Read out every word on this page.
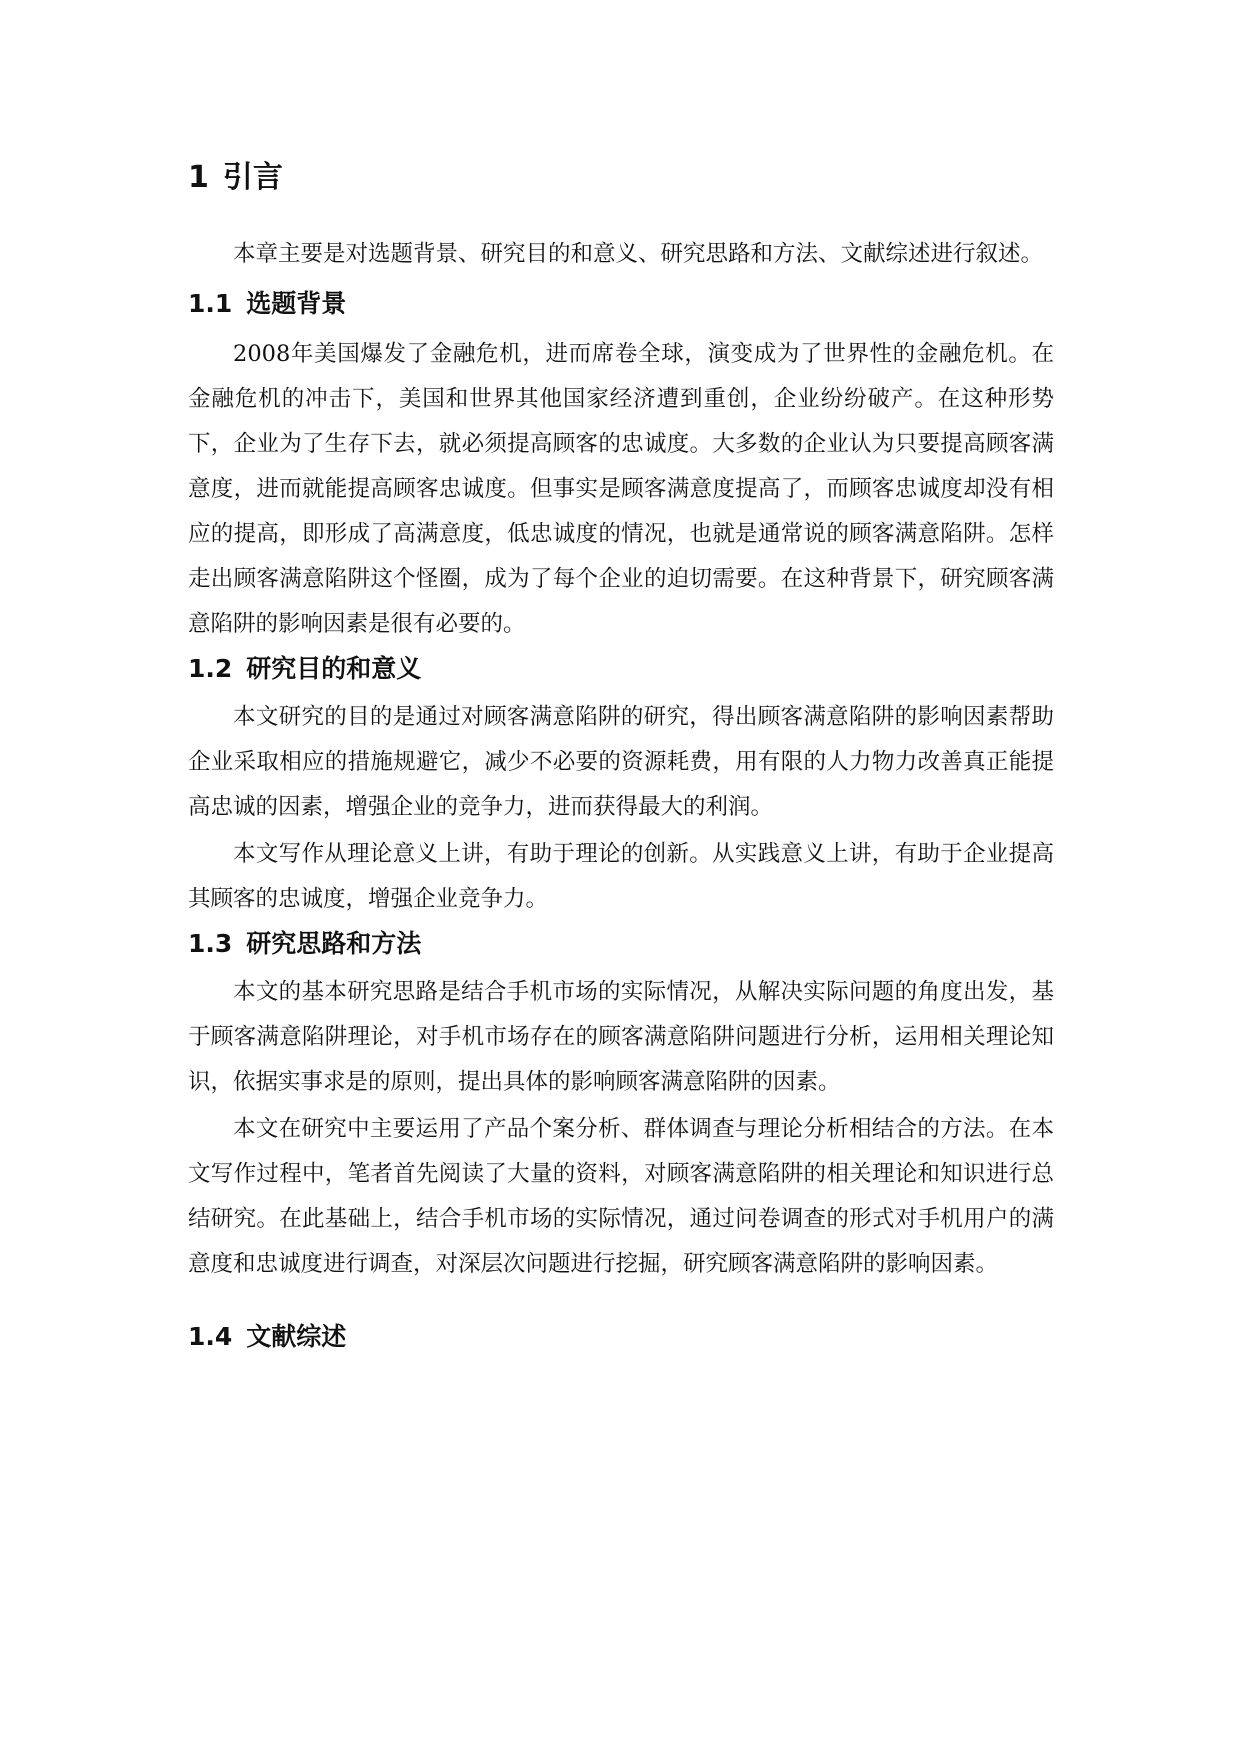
1 引言

本章主要是对选题背景、研究目的和意义、研究思路和方法、文献综述进行叙述。

1.1 选题背景

2008年美国爆发了金融危机，进而席卷全球，演变成为了世界性的金融危机。在金融危机的冲击下，美国和世界其他国家经济遭到重创，企业纷纷破产。在这种形势下，企业为了生存下去，就必须提高顾客的忠诚度。大多数的企业认为只要提高顾客满意度，进而就能提高顾客忠诚度。但事实是顾客满意度提高了，而顾客忠诚度却没有相应的提高，即形成了高满意度，低忠诚度的情况，也就是通常说的顾客满意陷阱。怎样走出顾客满意陷阱这个怪圈，成为了每个企业的迫切需要。在这种背景下，研究顾客满意陷阱的影响因素是很有必要的。

1.2 研究目的和意义

本文研究的目的是通过对顾客满意陷阱的研究，得出顾客满意陷阱的影响因素帮助企业采取相应的措施规避它，减少不必要的资源耗费，用有限的人力物力改善真正能提高忠诚的因素，增强企业的竞争力，进而获得最大的利润。

本文写作从理论意义上讲，有助于理论的创新。从实践意义上讲，有助于企业提高其顾客的忠诚度，增强企业竞争力。

1.3 研究思路和方法

本文的基本研究思路是结合手机市场的实际情况，从解决实际问题的角度出发，基于顾客满意陷阱理论，对手机市场存在的顾客满意陷阱问题进行分析，运用相关理论知识，依据实事求是的原则，提出具体的影响顾客满意陷阱的因素。

本文在研究中主要运用了产品个案分析、群体调查与理论分析相结合的方法。在本文写作过程中，笔者首先阅读了大量的资料，对顾客满意陷阱的相关理论和知识进行总结研究。在此基础上，结合手机市场的实际情况，通过问卷调查的形式对手机用户的满意度和忠诚度进行调查，对深层次问题进行挖掘，研究顾客满意陷阱的影响因素。

1.4 文献综述
